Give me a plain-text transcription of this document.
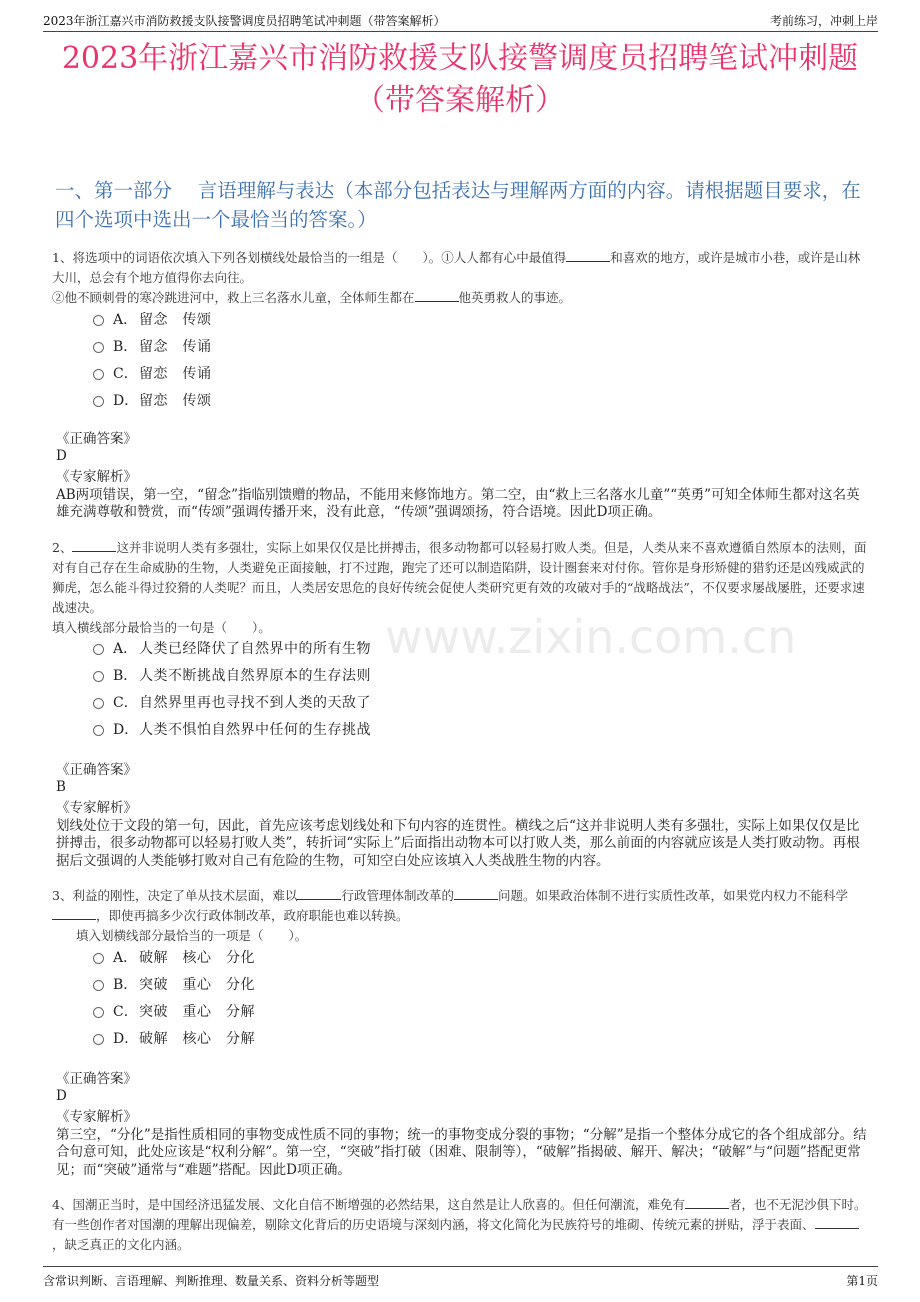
2023年浙江嘉兴市消防救援支队接警调度员招聘笔试冲刺题（带答案解析）	考前练习，冲刺上岸
2023年浙江嘉兴市消防救援支队接警调度员招聘笔试冲刺题
（带答案解析）
一、第一部分　 言语理解与表达（本部分包括表达与理解两方面的内容。请根据题目要求，在四个选项中选出一个最恰当的答案。）
www.zixin.com.cn

1、将选项中的词语依次填入下列各划横线处最恰当的一组是（　　）。①人人都有心中最值得	和喜欢的地方，或许是城市小巷，或许是山林大川，总会有个地方值得你去向往。

②他不顾刺骨的寒冷跳进河中，救上三名落水儿童，全体师生都在	他英勇救人的事迹。

A． 留念　传颂
B． 留念　传诵
C． 留恋　传诵
D． 留恋　传颂
《正确答案》
D
《专家解析》
AB两项错误，第一空，“留念”指临别馈赠的物品，不能用来修饰地方。第二空，由“救上三名落水儿童”“英勇”可知全体师生都对这名英雄充满尊敬和赞赏，而“传颂”强调传播开来，没有此意，“传颂”强调颂扬，符合语境。因此D项正确。

2、	这并非说明人类有多强壮，实际上如果仅仅是比拼搏击，很多动物都可以轻易打败人类。但是，人类从来不喜欢遵循自然原本的法则，面对有自己存在生命威胁的生物，人类避免正面接触，打不过跑，跑完了还可以制造陷阱，设计圈套来对付你。管你是身形矫健的猎豹还是凶残威武的狮虎，怎么能斗得过狡猾的人类呢？而且，人类居安思危的良好传统会促使人类研究更有效的攻破对手的“战略战法”，不仅要求屡战屡胜，还要求速战速决。

填入横线部分最恰当的一句是（　　）。

A． 人类已经降伏了自然界中的所有生物
B． 人类不断挑战自然界原本的生存法则
C． 自然界里再也寻找不到人类的天敌了
D． 人类不惧怕自然界中任何的生存挑战
《正确答案》
B
《专家解析》
划线处位于文段的第一句，因此，首先应该考虑划线处和下句内容的连贯性。横线之后“这并非说明人类有多强壮，实际上如果仅仅是比拼搏击，很多动物都可以轻易打败人类”，转折词“实际上”后面指出动物本可以打败人类，那么前面的内容就应该是人类打败动物。再根据后文强调的人类能够打败对自己有危险的生物，可知空白处应该填入人类战胜生物的内容。

3、利益的刚性，决定了单从技术层面，难以	行政管理体制改革的	问题。如果政治体制不进行实质性改革，如果党内权力不能科学，即使再搞多少次行政体制改革，政府职能也难以转换。

填入划横线部分最恰当的一项是（　　）。

A． 破解　核心　分化
B． 突破　重心　分化
C． 突破　重心　分解
D． 破解　核心　分解
《正确答案》
D
《专家解析》
第三空，“分化”是指性质相同的事物变成性质不同的事物；统一的事物变成分裂的事物；“分解”是指一个整体分成它的各个组成部分。结合句意可知，此处应该是“权利分解”。第一空，“突破”指打破（困难、限制等），“破解”指揭破、解开、解决；“破解”与“问题”搭配更常见；而“突破”通常与“难题”搭配。因此D项正确。

4、国潮正当时，是中国经济迅猛发展、文化自信不断增强的必然结果，这自然是让人欣喜的。但任何潮流，难免有	者，也不无泥沙俱下时。有一些创作者对国潮的理解出现偏差，剔除文化背后的历史语境与深刻内涵，将文化简化为民族符号的堆砌、传统元素的拼贴，浮于表面、，缺乏真正的文化内涵。

含常识判断、言语理解、判断推理、数量关系、资料分析等题型	第1页
